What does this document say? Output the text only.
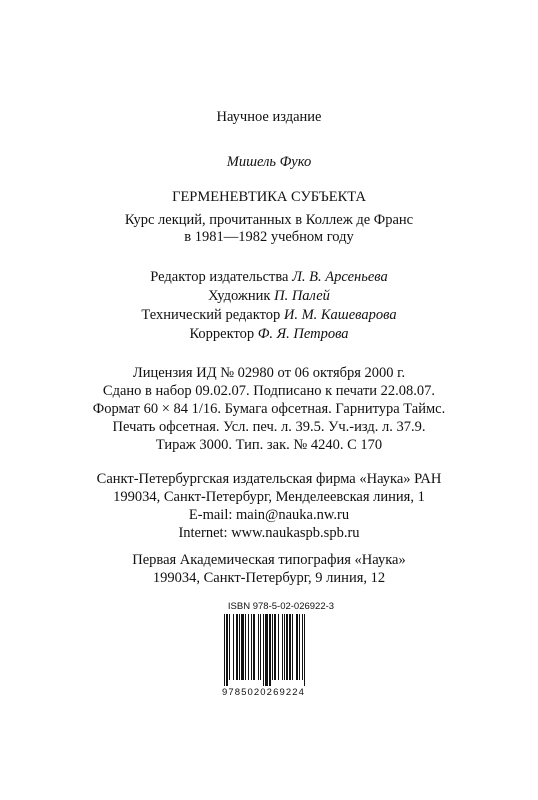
Научное издание
Мишель Фуко
ГЕРМЕНЕВТИКА СУБЪЕКТА
Курс лекций, прочитанных в Коллеж де Франс
в 1981—1982 учебном году
Редактор издательства Л. В. Арсеньева
Художник П. Палей
Технический редактор И. М. Кашеварова
Корректор Ф. Я. Петрова
Лицензия ИД № 02980 от 06 октября 2000 г.
Сдано в набор 09.02.07. Подписано к печати 22.08.07.
Формат 60 × 84 1/16. Бумага офсетная. Гарнитура Таймс.
Печать офсетная. Усл. печ. л. 39.5. Уч.-изд. л. 37.9.
Тираж 3000. Тип. зак. № 4240. С 170
Санкт-Петербургская издательская фирма «Наука» РАН
199034, Санкт-Петербург, Менделеевская линия, 1
E-mail: main@nauka.nw.ru
Internet: www.naukaspb.spb.ru
Первая Академическая типография «Наука»
199034, Санкт-Петербург, 9 линия, 12
ISBN 978-5-02-026922-3
9785020269224
